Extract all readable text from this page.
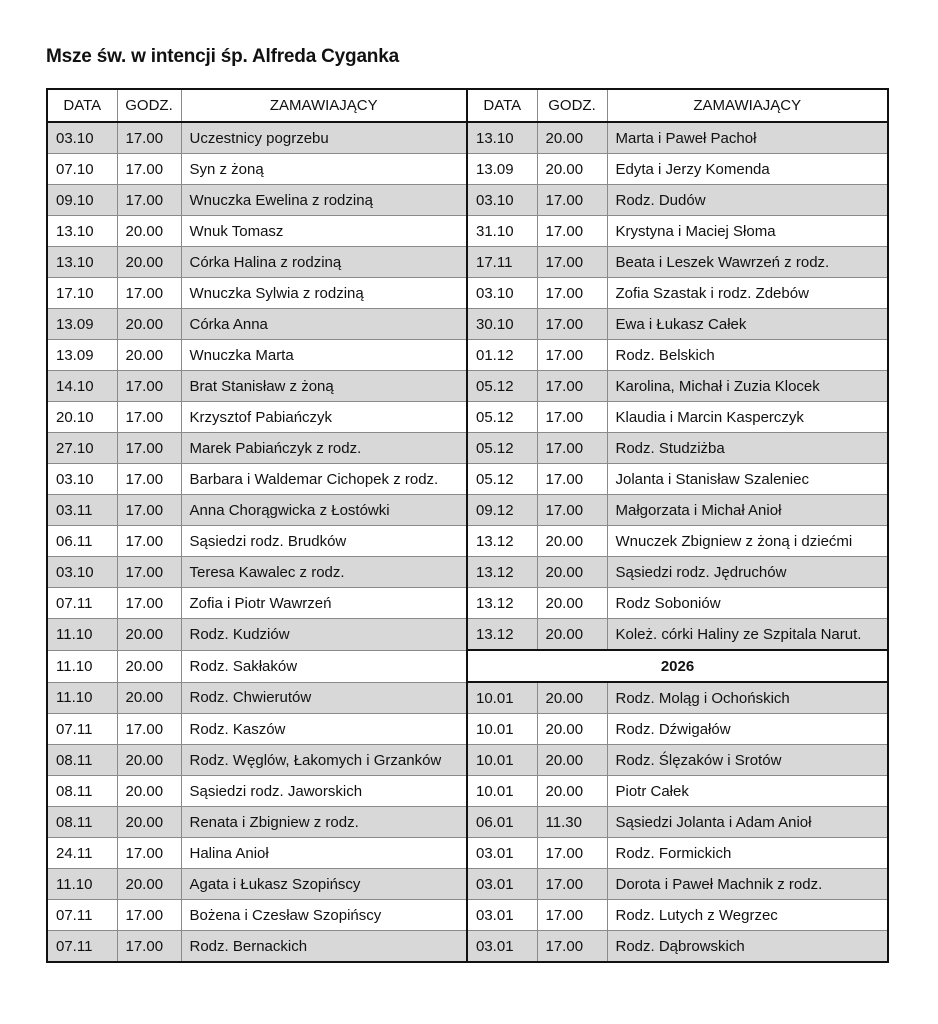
Msze św. w intencji śp. Alfreda Cyganka
DATA	GODZ.	ZAMAWIAJĄCY	DATA	GODZ.	ZAMAWIAJĄCY
03.10	17.00	Uczestnicy pogrzebu	13.10	20.00	Marta i Paweł Pachoł
07.10	17.00	Syn z żoną	13.09	20.00	Edyta i Jerzy Komenda
09.10	17.00	Wnuczka Ewelina z rodziną	03.10	17.00	Rodz. Dudów
13.10	20.00	Wnuk Tomasz	31.10	17.00	Krystyna i Maciej Słoma
13.10	20.00	Córka Halina z rodziną	17.11	17.00	Beata i Leszek Wawrzeń z rodz.
17.10	17.00	Wnuczka Sylwia z rodziną	03.10	17.00	Zofia Szastak i rodz. Zdebów
13.09	20.00	Córka Anna	30.10	17.00	Ewa i Łukasz Całek
13.09	20.00	Wnuczka Marta	01.12	17.00	Rodz. Belskich
14.10	17.00	Brat Stanisław z żoną	05.12	17.00	Karolina, Michał i Zuzia Klocek
20.10	17.00	Krzysztof Pabiańczyk	05.12	17.00	Klaudia i Marcin Kasperczyk
27.10	17.00	Marek Pabiańczyk z rodz.	05.12	17.00	Rodz. Studziżba
03.10	17.00	Barbara i Waldemar Cichopek z rodz.	05.12	17.00	Jolanta i Stanisław Szaleniec
03.11	17.00	Anna Chorągwicka z Łostówki	09.12	17.00	Małgorzata i Michał Anioł
06.11	17.00	Sąsiedzi rodz. Brudków	13.12	20.00	Wnuczek Zbigniew z żoną i dziećmi
03.10	17.00	Teresa Kawalec z rodz.	13.12	20.00	Sąsiedzi rodz. Jędruchów
07.11	17.00	Zofia i Piotr Wawrzeń	13.12	20.00	Rodz Soboniów
11.10	20.00	Rodz. Kudziów	13.12	20.00	Koleż. córki Haliny ze Szpitala Narut.
11.10	20.00	Rodz. Sakłaków	2026		
11.10	20.00	Rodz. Chwierutów	10.01	20.00	Rodz. Moląg i Ochońskich
07.11	17.00	Rodz. Kaszów	10.01	20.00	Rodz. Dźwigałów
08.11	20.00	Rodz. Węglów, Łakomych i Grzanków	10.01	20.00	Rodz. Ślęzaków i Srotów
08.11	20.00	Sąsiedzi rodz. Jaworskich	10.01	20.00	Piotr Całek
08.11	20.00	Renata i Zbigniew z rodz.	06.01	11.30	Sąsiedzi Jolanta i Adam Anioł
24.11	17.00	Halina Anioł	03.01	17.00	Rodz. Formickich
11.10	20.00	Agata i Łukasz Szopińscy	03.01	17.00	Dorota i Paweł Machnik z rodz.
07.11	17.00	Bożena i Czesław Szopińscy	03.01	17.00	Rodz. Lutych z Wegrzec
07.11	17.00	Rodz. Bernackich	03.01	17.00	Rodz. Dąbrowskich
